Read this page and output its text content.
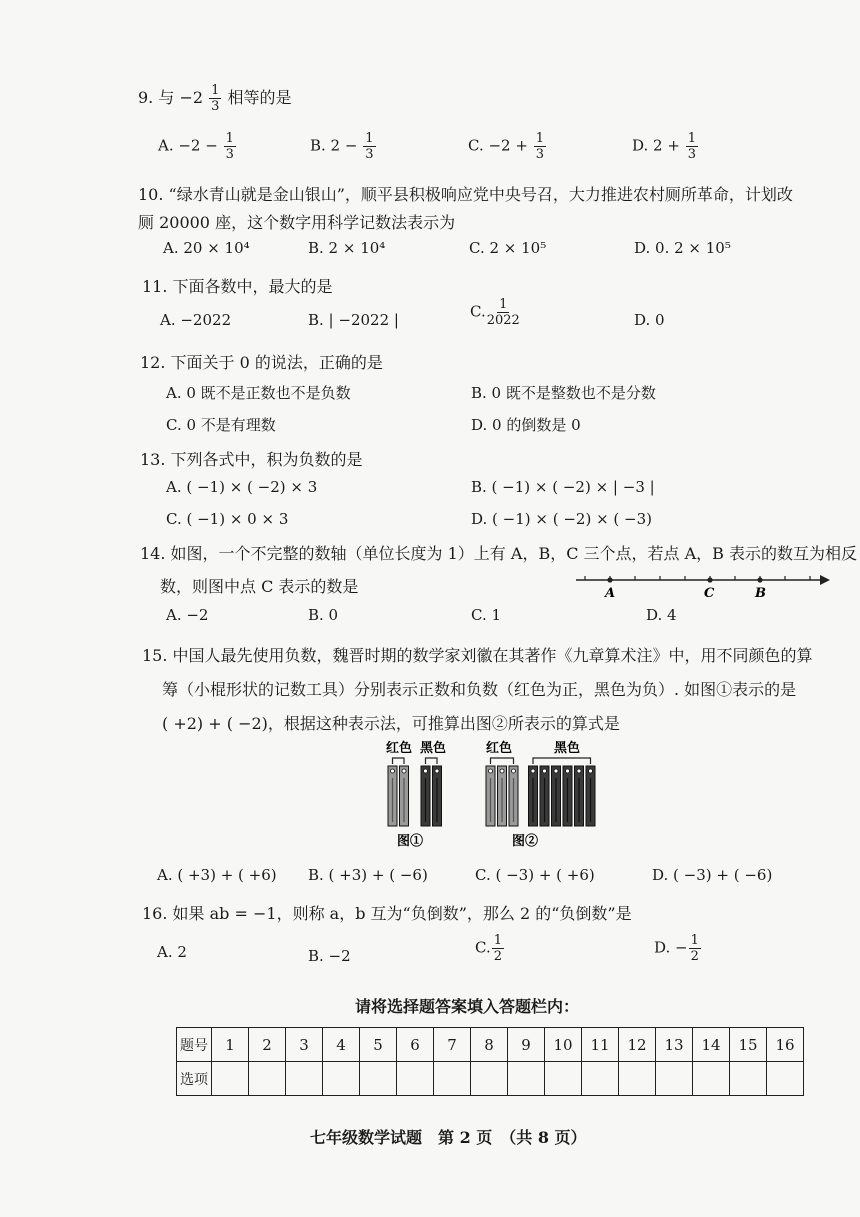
9. 与 $-2 \frac{1}{3}$ 相等的是
A. $-2 - \frac{1}{3}$	B. $2 - \frac{1}{3}$	C. $-2 + \frac{1}{3}$	D. $2 + \frac{1}{3}$
10. “绿水青山就是金山银山”，顺平县积极响应党中央号召，大力推进农村厕所革命，计划改
厕 20000 座，这个数字用科学记数法表示为
A. 20 × 10⁴	B. 2 × 10⁴	C. 2 × 10⁵	D. 0. 2 × 10⁵
11. 下面各数中，最大的是
A. −2022	B. | −2022 |	C. $\frac{1}{2022}$	D. 0
12. 下面关于 0 的说法，正确的是
A. 0 既不是正数也不是负数	B. 0 既不是整数也不是分数
C. 0 不是有理数	D. 0 的倒数是 0
13. 下列各式中，积为负数的是
A. ( −1) × ( −2) × 3	B. ( −1) × ( −2) × | −3 |
C. ( −1) × 0 × 3	D. ( −1) × ( −2) × ( −3)
14. 如图，一个不完整的数轴（单位长度为 1）上有 A，B，C 三个点，若点 A，B 表示的数互为相反
数，则图中点 C 表示的数是	A	C	B
A. −2	B. 0	C. 1	D. 4
15. 中国人最先使用负数，魏晋时期的数学家刘徽在其著作《九章算术注》中，用不同颜色的算
筹（小棍形状的记数工具）分别表示正数和负数（红色为正，黑色为负）. 如图①表示的是
( +2) + ( −2)，根据这种表示法，可推算出图②所表示的算式是
红色 黑色	红色	黑色
图①	图②
A. ( +3) + ( +6) B. ( +3) + ( −6)	C. ( −3) + ( +6)	D. ( −3) + ( −6)
16. 如果 ab = −1，则称 a，b 互为“负倒数”，那么 2 的“负倒数”是
A. 2	B. −2	C. $\frac{1}{2}$	D. − $\frac{1}{2}$
请将选择题答案填入答题栏内：
题号	1	2	3	4	5	6	7	8	9	10	11	12	13	14	15	16
选项																
七年级数学试题　第 2 页　（共 8 页）
